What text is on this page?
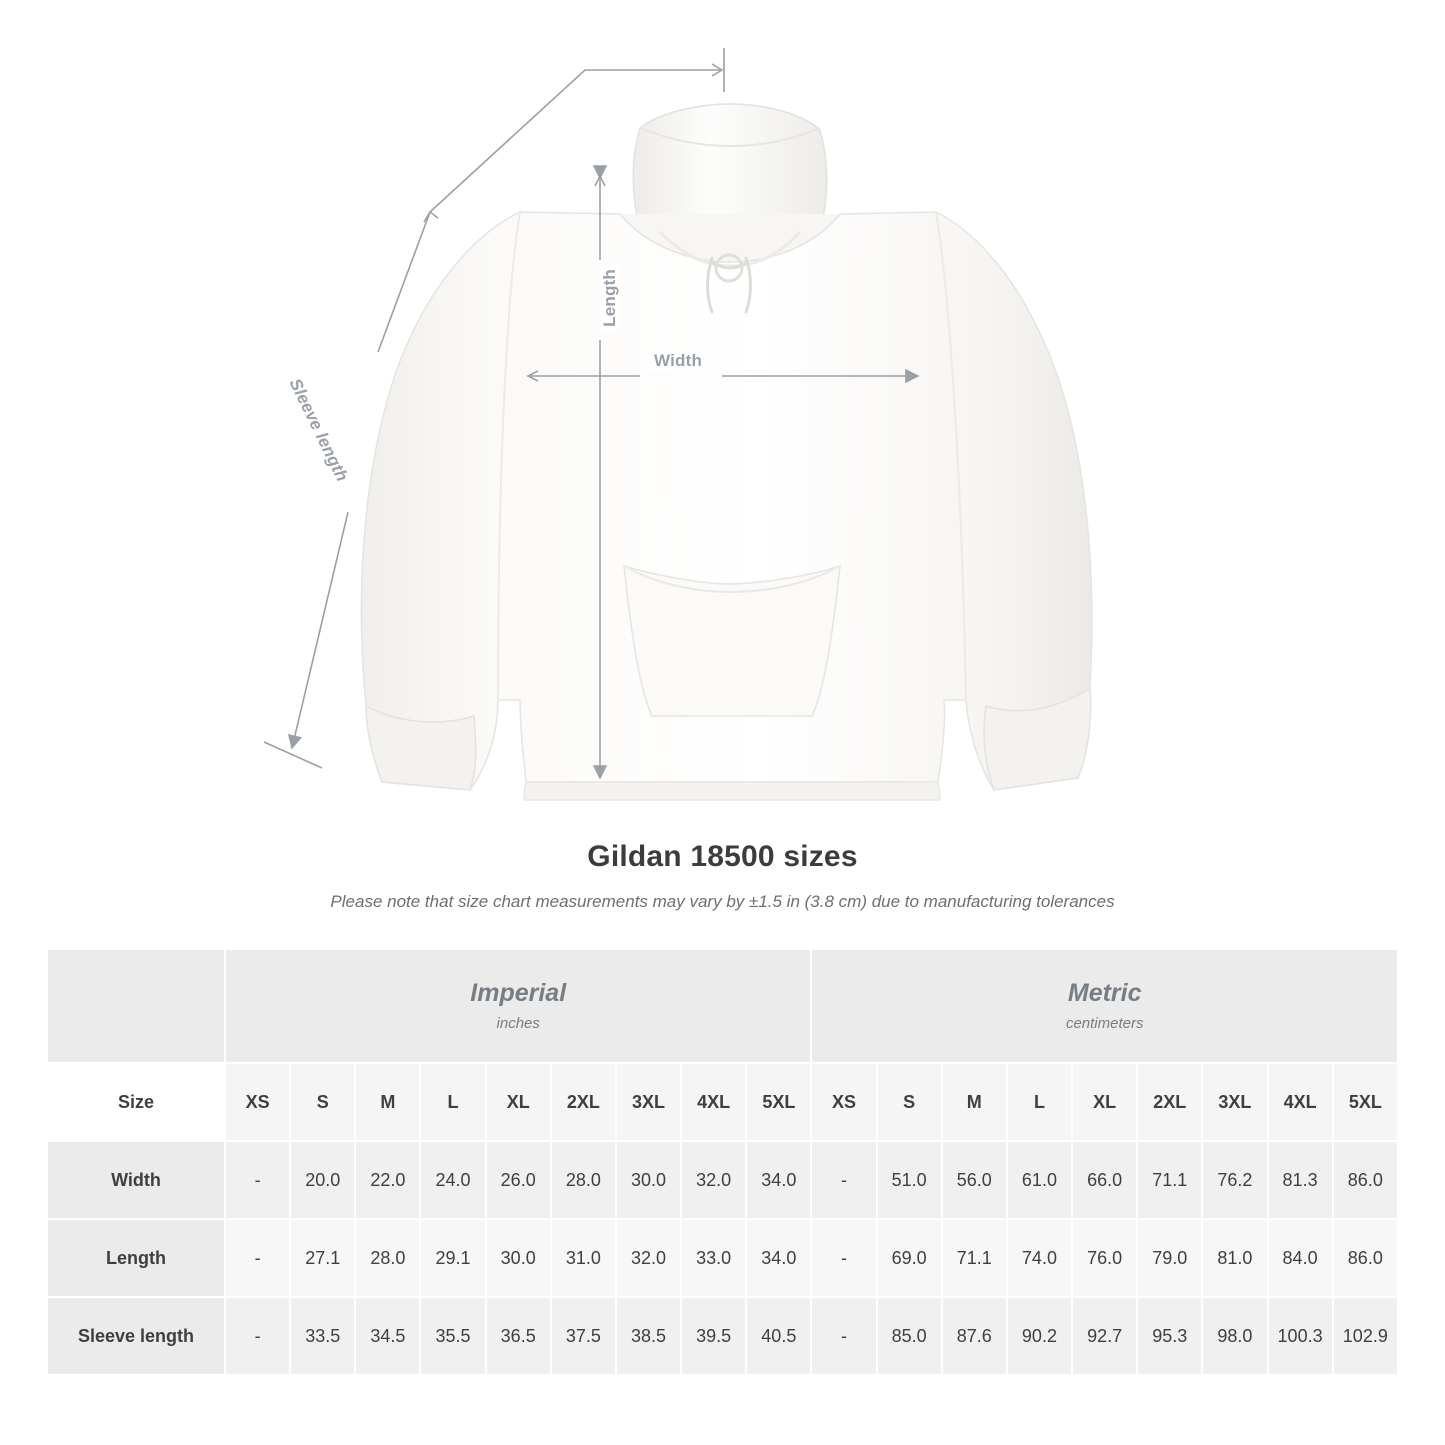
Length
Width
Sleeve length
Gildan 18500 sizes

Please note that size chart measurements may vary by ±1.5 in (3.8 cm) due to manufacturing tolerances

	Imperial
inches									Metric
centimeters								

Size	XS	S	M	L	XL	2XL	3XL	4XL	5XL	XS	S	M	L	XL	2XL	3XL	4XL	5XL
Width	-	20.0	22.0	24.0	26.0	28.0	30.0	32.0	34.0	-	51.0	56.0	61.0	66.0	71.1	76.2	81.3	86.0
Length	-	27.1	28.0	29.1	30.0	31.0	32.0	33.0	34.0	-	69.0	71.1	74.0	76.0	79.0	81.0	84.0	86.0
Sleeve length	-	33.5	34.5	35.5	36.5	37.5	38.5	39.5	40.5	-	85.0	87.6	90.2	92.7	95.3	98.0	100.3	102.9
